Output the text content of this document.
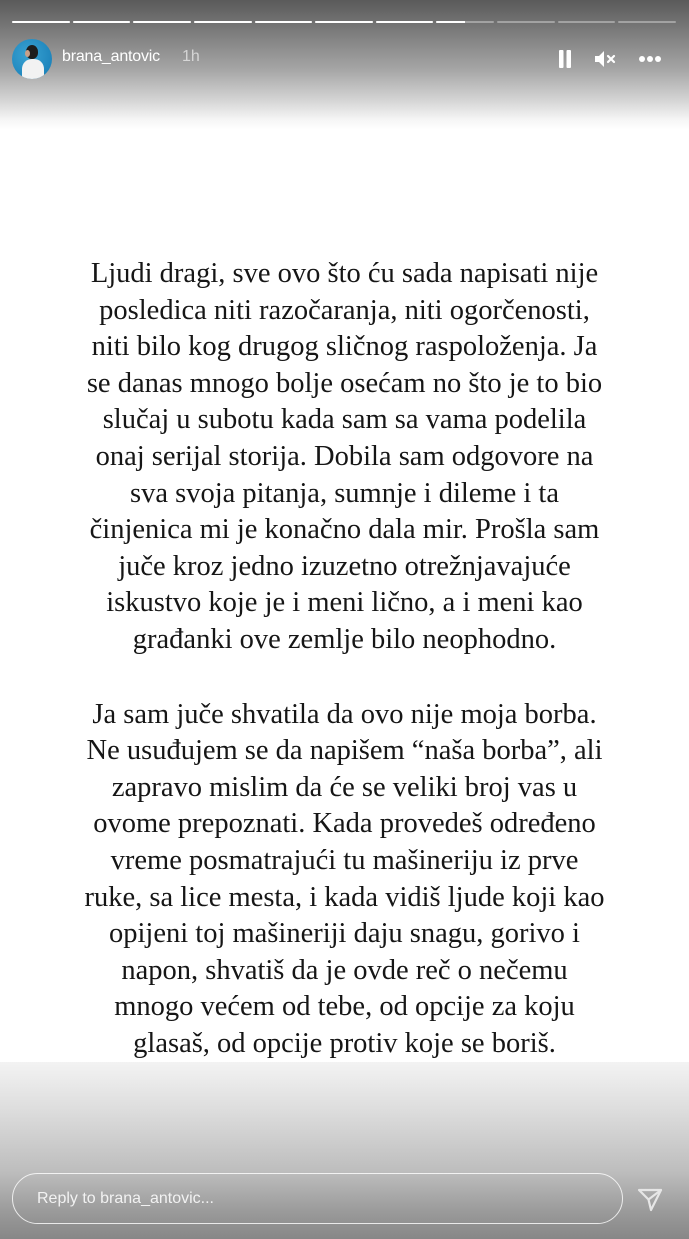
brana_antovic 1h
Ljudi dragi, sve ovo što ću sada napisati nije
posledica niti razočaranja, niti ogorčenosti,
niti bilo kog drugog sličnog raspoloženja. Ja
se danas mnogo bolje osećam no što je to bio
slučaj u subotu kada sam sa vama podelila
onaj serijal storija. Dobila sam odgovore na
sva svoja pitanja, sumnje i dileme i ta
činjenica mi je konačno dala mir. Prošla sam
juče kroz jedno izuzetno otrežnjavajuće
iskustvo koje je i meni lično, a i meni kao
građanki ove zemlje bilo neophodno.
Ja sam juče shvatila da ovo nije moja borba.
Ne usuđujem se da napišem “naša borba”, ali
zapravo mislim da će se veliki broj vas u
ovome prepoznati. Kada provedeš određeno
vreme posmatrajući tu mašineriju iz prve
ruke, sa lice mesta, i kada vidiš ljude koji kao
opijeni toj mašineriji daju snagu, gorivo i
napon, shvatiš da je ovde reč o nečemu
mnogo većem od tebe, od opcije za koju
glasaš, od opcije protiv koje se boriš.
Reply to brana_antovic...
